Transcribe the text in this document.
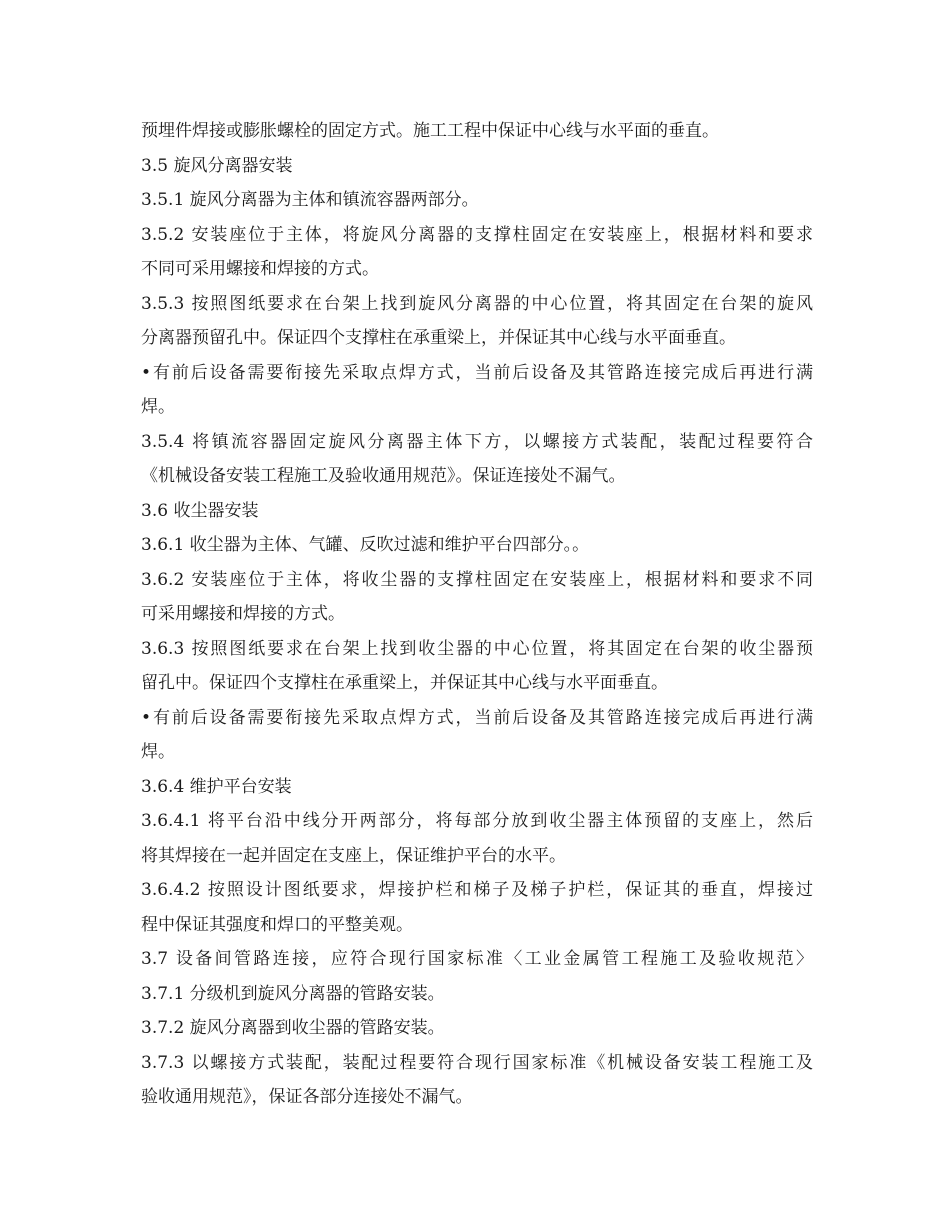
预埋件焊接或膨胀螺栓的固定方式。施工工程中保证中心线与水平面的垂直。
3.5 旋风分离器安装
3.5.1 旋风分离器为主体和镇流容器两部分。
3.5.2 安装座位于主体，将旋风分离器的支撑柱固定在安装座上，根据材料和要求
不同可采用螺接和焊接的方式。
3.5.3 按照图纸要求在台架上找到旋风分离器的中心位置，将其固定在台架的旋风
分离器预留孔中。保证四个支撑柱在承重梁上，并保证其中心线与水平面垂直。
•有前后设备需要衔接先采取点焊方式，当前后设备及其管路连接完成后再进行满
焊。
3.5.4 将镇流容器固定旋风分离器主体下方，以螺接方式装配，装配过程要符合
《机械设备安装工程施工及验收通用规范》。保证连接处不漏气。
3.6 收尘器安装
3.6.1 收尘器为主体、气罐、反吹过滤和维护平台四部分。。
3.6.2 安装座位于主体，将收尘器的支撑柱固定在安装座上，根据材料和要求不同
可采用螺接和焊接的方式。
3.6.3 按照图纸要求在台架上找到收尘器的中心位置，将其固定在台架的收尘器预
留孔中。保证四个支撑柱在承重梁上，并保证其中心线与水平面垂直。
•有前后设备需要衔接先采取点焊方式，当前后设备及其管路连接完成后再进行满
焊。
3.6.4 维护平台安装
3.6.4.1 将平台沿中线分开两部分，将每部分放到收尘器主体预留的支座上，然后
将其焊接在一起并固定在支座上，保证维护平台的水平。
3.6.4.2 按照设计图纸要求，焊接护栏和梯子及梯子护栏，保证其的垂直，焊接过
程中保证其强度和焊口的平整美观。
3.7 设备间管路连接，应符合现行国家标准〈工业金属管工程施工及验收规范〉
3.7.1 分级机到旋风分离器的管路安装。
3.7.2 旋风分离器到收尘器的管路安装。
3.7.3 以螺接方式装配，装配过程要符合现行国家标准《机械设备安装工程施工及
验收通用规范》，保证各部分连接处不漏气。
